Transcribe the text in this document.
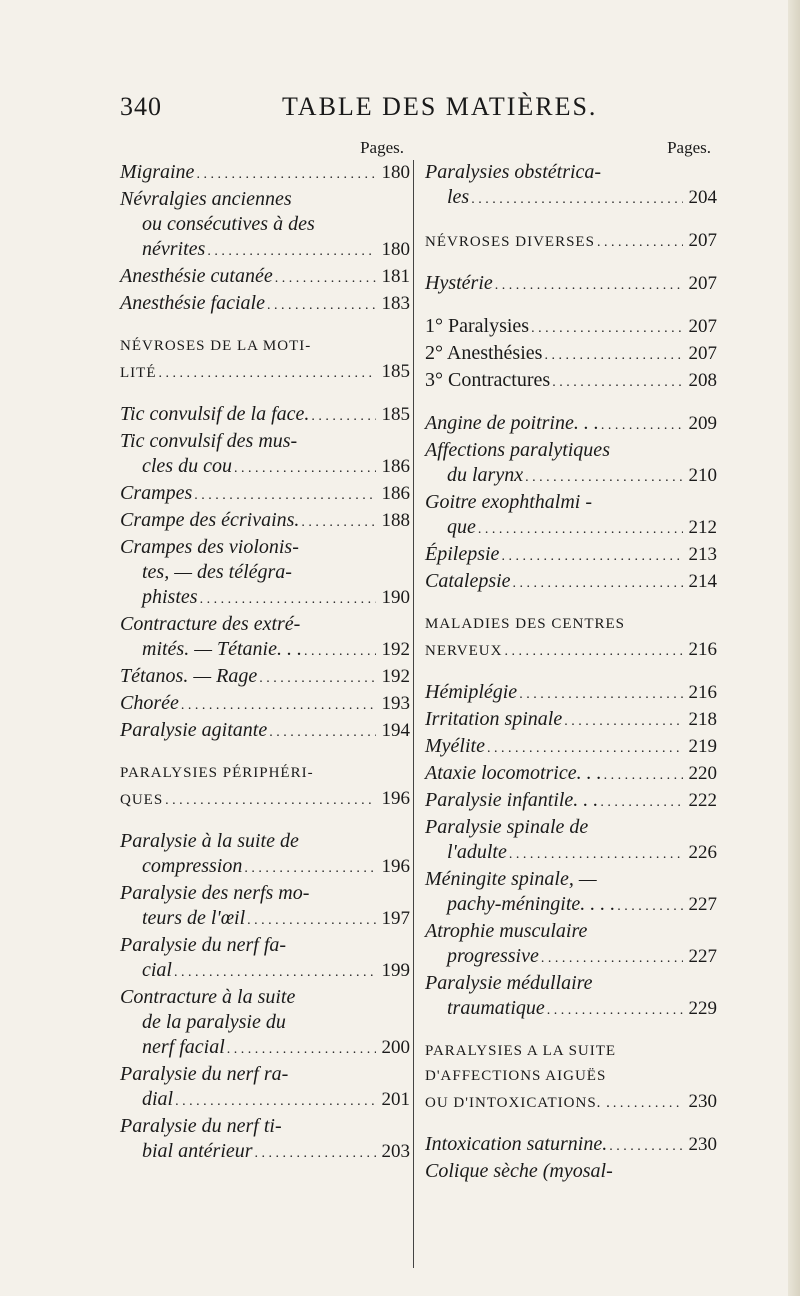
340	TABLE DES MATIÈRES.
Pages.
Migraine . . .	180
Névralgies anciennes
ou consécutives à des
névrites . . .	180
Anesthésie cutanée . . .	181
Anesthésie faciale . . .	183
NÉVROSES DE LA MOTI-
LITÉ . . .	185
Tic convulsif de la face. . . .	185
Tic convulsif des mus-
cles du cou . . .	186
Crampes . . .	186
Crampe des écrivains. . . .	188
Crampes des violonis-
tes, — des télégra-
phistes . . .	190
Contracture des extré-
mités. — Tétanie. . . . . .	192
Tétanos. — Rage . . .	192
Chorée . . .	193
Paralysie agitante . . .	194
PARALYSIES PÉRIPHÉRI-
QUES . . .	196
Paralysie à la suite de
compression . . .	196
Paralysie des nerfs mo-
teurs de l'œil . . .	197
Paralysie du nerf fa-
cial . . .	199
Contracture à la suite
de la paralysie du
nerf facial . . .	200
Paralysie du nerf ra-
dial . . .	201
Paralysie du nerf ti-
bial antérieur . . .	203
Pages.
Paralysies obstétrica-
les . . .	204
NÉVROSES DIVERSES . . .	207
Hystérie . . .	207
1° Paralysies . . .	207
2° Anesthésies . . .	207
3° Contractures . . .	208
Angine de poitrine. . . . . .	209
Affections paralytiques
du larynx . . .	210
Goitre exophthalmi -
que . . .	212
Épilepsie . . .	213
Catalepsie . . .	214
MALADIES DES CENTRES
NERVEUX . . .	216
Hémiplégie . . .	216
Irritation spinale . . .	218
Myélite . . .	219
Ataxie locomotrice. . . . . .	220
Paralysie infantile. . . . . .	222
Paralysie spinale de
l'adulte . . .	226
Méningite spinale, —
pachy-méningite. . . . . . .	227
Atrophie musculaire
progressive . . .	227
Paralysie médullaire
traumatique . . .	229
PARALYSIES A LA SUITE
D'AFFECTIONS AIGUËS
OU D'INTOXICATIONS. . . . .	230
Intoxication saturnine. . . .	230
Colique sèche (myosal-
